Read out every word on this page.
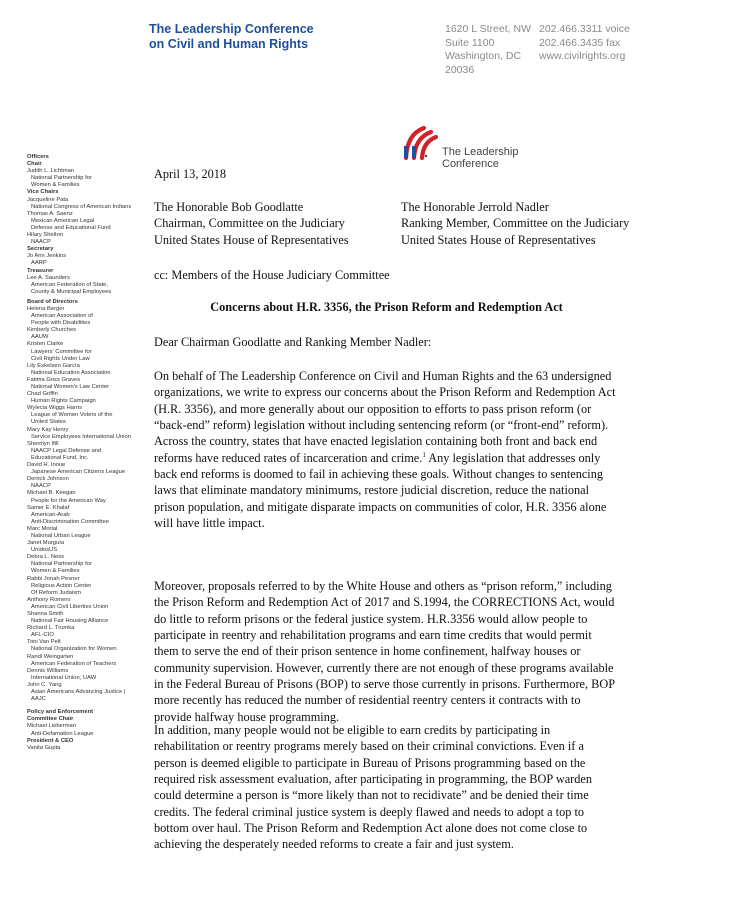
The Leadership Conference
on Civil and Human Rights
1620 L Street, NW
Suite 1100
Washington, DC
20036
202.466.3311 voice
202.466.3435 fax
www.civilrights.org
The Leadership
Conference
Officers
Chair
Judith L. Lichtman
National Partnership for
Women & Families
Vice Chairs
Jacqueline Pata
National Congress of American Indians
Thomas A. Saenz
Mexican American Legal
Defense and Educational Fund
Hilary Shelton
NAACP
Secretary
Jo Ann Jenkins
AARP
Treasurer
Lee A. Saunders
American Federation of State,
County & Municipal Employees
Board of Directors
Helena Berger
American Association of
People with Disabilities
Kimberly Churches
AAUW
Kristen Clarke
Lawyers' Committee for
Civil Rights Under Law
Lily Eskelsen García
National Education Association
Fatima Goss Graves
National Women's Law Center
Chad Griffin
Human Rights Campaign
Wylecia Wiggs Harris
League of Women Voters of the
United States
Mary Kay Henry
Service Employees International Union
Sherrilyn Ifill
NAACP Legal Defense and
Educational Fund, Inc.
David H. Inoue
Japanese American Citizens League
Derrick Johnson
NAACP
Michael B. Keegan
People for the American Way
Samer E. Khalaf
American-Arab
Anti-Discrimination Committee
Marc Morial
National Urban League
Janet Murguía
UnidosUS
Debra L. Ness
National Partnership for
Women & Families
Rabbi Jonah Pesner
Religious Action Center
Of Reform Judaism
Anthony Romero
American Civil Liberties Union
Shanna Smith
National Fair Housing Alliance
Richard L. Trumka
AFL-CIO
Toni Van Pelt
National Organization for Women
Randi Weingarten
American Federation of Teachers
Dennis Williams
International Union, UAW
John C. Yang
Asian Americans Advancing Justice |
AAJC
Policy and Enforcement
Committee Chair
Michael Lieberman
Anti-Defamation League
President & CEO
Vanita Gupta
April 13, 2018
The Honorable Bob Goodlatte
Chairman, Committee on the Judiciary
United States House of Representatives
The Honorable Jerrold Nadler
Ranking Member, Committee on the Judiciary
United States House of Representatives
cc: Members of the House Judiciary Committee
Concerns about H.R. 3356, the Prison Reform and Redemption Act
Dear Chairman Goodlatte and Ranking Member Nadler:
On behalf of The Leadership Conference on Civil and Human Rights and the 63 undersigned
organizations, we write to express our concerns about the Prison Reform and Redemption Act
(H.R. 3356), and more generally about our opposition to efforts to pass prison reform (or
“back-end” reform) legislation without including sentencing reform (or “front-end” reform).
Across the country, states that have enacted legislation containing both front and back end
reforms have reduced rates of incarceration and crime.$^1$ Any legislation that addresses only
back end reforms is doomed to fail in achieving these goals. Without changes to sentencing
laws that eliminate mandatory minimums, restore judicial discretion, reduce the national
prison population, and mitigate disparate impacts on communities of color, H.R. 3356 alone
will have little impact.
Moreover, proposals referred to by the White House and others as “prison reform,” including
the Prison Reform and Redemption Act of 2017 and S.1994, the CORRECTIONS Act, would
do little to reform prisons or the federal justice system. H.R.3356 would allow people to
participate in reentry and rehabilitation programs and earn time credits that would permit
them to serve the end of their prison sentence in home confinement, halfway houses or
community supervision. However, currently there are not enough of these programs available
in the Federal Bureau of Prisons (BOP) to serve those currently in prisons. Furthermore, BOP
more recently has reduced the number of residential reentry centers it contracts with to
provide halfway house programming.
In addition, many people would not be eligible to earn credits by participating in
rehabilitation or reentry programs merely based on their criminal convictions. Even if a
person is deemed eligible to participate in Bureau of Prisons programming based on the
required risk assessment evaluation, after participating in programming, the BOP warden
could determine a person is “more likely than not to recidivate” and be denied their time
credits. The federal criminal justice system is deeply flawed and needs to adopt a top to
bottom over haul. The Prison Reform and Redemption Act alone does not come close to
achieving the desperately needed reforms to create a fair and just system.
